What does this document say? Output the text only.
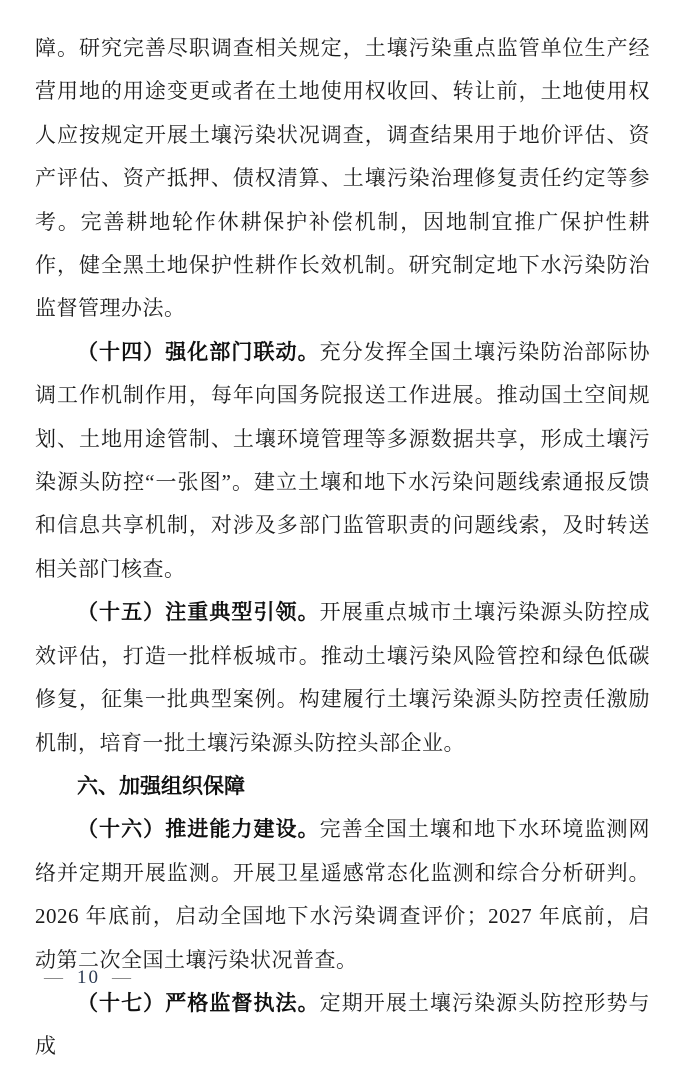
障。研究完善尽职调查相关规定，土壤污染重点监管单位生产经营用地的用途变更或者在土地使用权收回、转让前，土地使用权人应按规定开展土壤污染状况调查，调查结果用于地价评估、资产评估、资产抵押、债权清算、土壤污染治理修复责任约定等参考。完善耕地轮作休耕保护补偿机制，因地制宜推广保护性耕作，健全黑土地保护性耕作长效机制。研究制定地下水污染防治监督管理办法。

（十四）强化部门联动。充分发挥全国土壤污染防治部际协调工作机制作用，每年向国务院报送工作进展。推动国土空间规划、土地用途管制、土壤环境管理等多源数据共享，形成土壤污染源头防控“一张图”。建立土壤和地下水污染问题线索通报反馈和信息共享机制，对涉及多部门监管职责的问题线索，及时转送相关部门核查。

（十五）注重典型引领。开展重点城市土壤污染源头防控成效评估，打造一批样板城市。推动土壤污染风险管控和绿色低碳修复，征集一批典型案例。构建履行土壤污染源头防控责任激励机制，培育一批土壤污染源头防控头部企业。

六、加强组织保障

（十六）推进能力建设。完善全国土壤和地下水环境监测网络并定期开展监测。开展卫星遥感常态化监测和综合分析研判。2026 年底前，启动全国地下水污染调查评价；2027 年底前，启动第二次全国土壤污染状况普查。

（十七）严格监督执法。定期开展土壤污染源头防控形势与成

— 10 —
